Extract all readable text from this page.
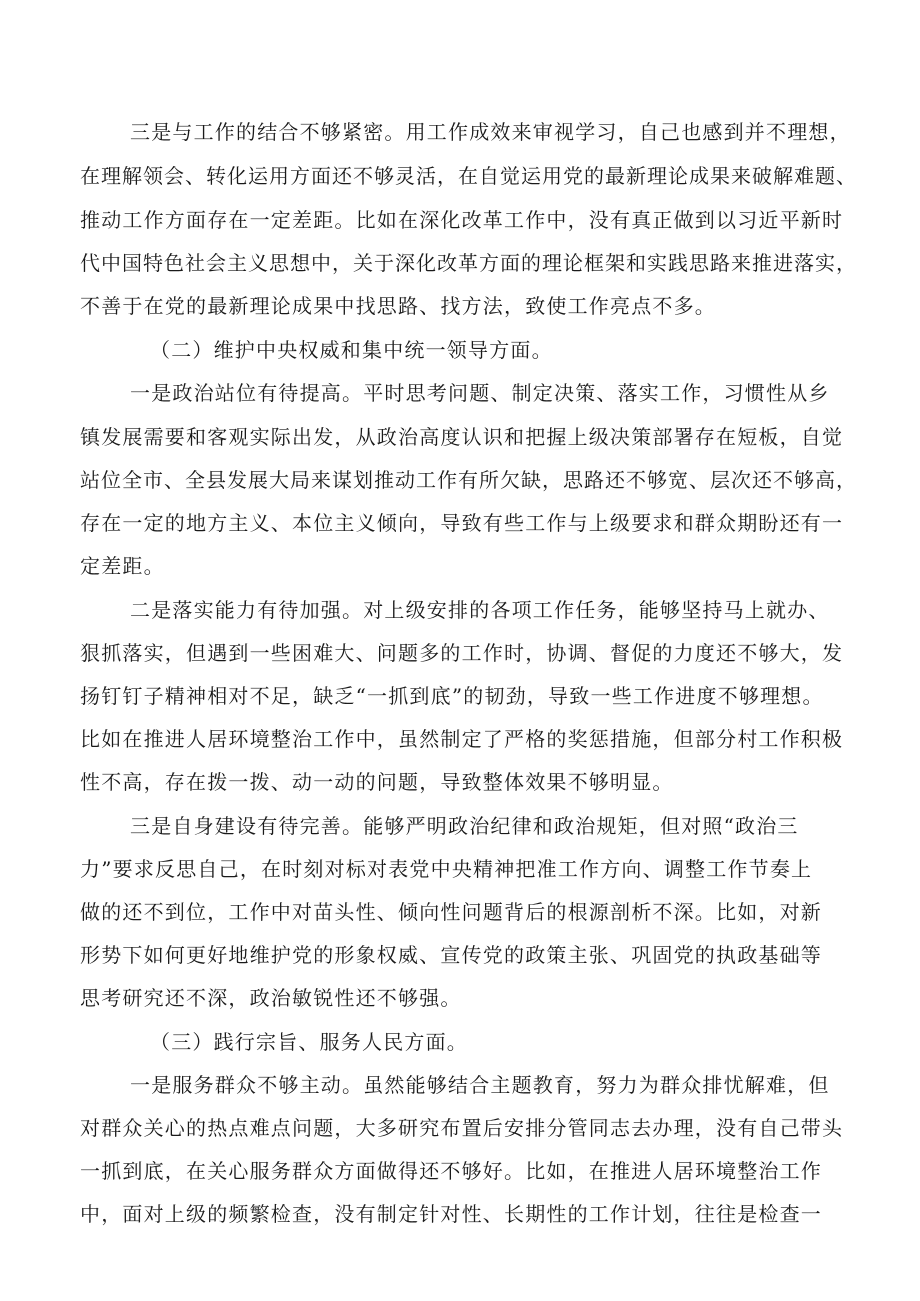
三是与工作的结合不够紧密。用工作成效来审视学习，自己也感到并不理想，
在理解领会、转化运用方面还不够灵活，在自觉运用党的最新理论成果来破解难题、
推动工作方面存在一定差距。比如在深化改革工作中，没有真正做到以习近平新时
代中国特色社会主义思想中，关于深化改革方面的理论框架和实践思路来推进落实，
不善于在党的最新理论成果中找思路、找方法，致使工作亮点不多。
（二）维护中央权威和集中统一领导方面。
一是政治站位有待提高。平时思考问题、制定决策、落实工作，习惯性从乡
镇发展需要和客观实际出发，从政治高度认识和把握上级决策部署存在短板，自觉
站位全市、全县发展大局来谋划推动工作有所欠缺，思路还不够宽、层次还不够高，
存在一定的地方主义、本位主义倾向，导致有些工作与上级要求和群众期盼还有一
定差距。
二是落实能力有待加强。对上级安排的各项工作任务，能够坚持马上就办、
狠抓落实，但遇到一些困难大、问题多的工作时，协调、督促的力度还不够大，发
扬钉钉子精神相对不足，缺乏“一抓到底”的韧劲，导致一些工作进度不够理想。
比如在推进人居环境整治工作中，虽然制定了严格的奖惩措施，但部分村工作积极
性不高，存在拨一拨、动一动的问题，导致整体效果不够明显。
三是自身建设有待完善。能够严明政治纪律和政治规矩，但对照“政治三
力”要求反思自己，在时刻对标对表党中央精神把准工作方向、调整工作节奏上
做的还不到位，工作中对苗头性、倾向性问题背后的根源剖析不深。比如，对新
形势下如何更好地维护党的形象权威、宣传党的政策主张、巩固党的执政基础等
思考研究还不深，政治敏锐性还不够强。
（三）践行宗旨、服务人民方面。
一是服务群众不够主动。虽然能够结合主题教育，努力为群众排忧解难，但
对群众关心的热点难点问题，大多研究布置后安排分管同志去办理，没有自己带头
一抓到底，在关心服务群众方面做得还不够好。比如，在推进人居环境整治工作
中，面对上级的频繁检查，没有制定针对性、长期性的工作计划，往往是检查一
